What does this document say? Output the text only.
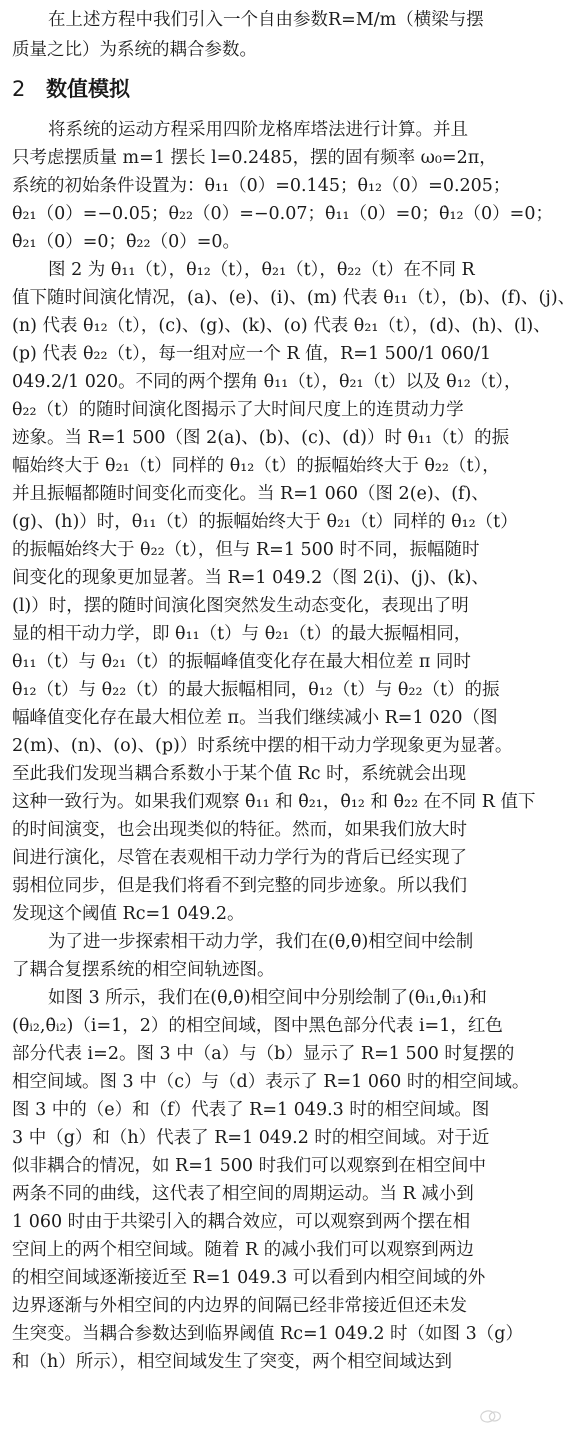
在上述方程中我们引入一个自由参数R=M/m（横梁与摆
质量之比）为系统的耦合参数。
2 数值模拟
将系统的运动方程采用四阶龙格库塔法进行计算。并且
只考虑摆质量 m=1 摆长 l=0.2485，摆的固有频率 ω₀=2π，
系统的初始条件设置为：θ₁₁（0）=0.145；θ₁₂（0）=0.205；
θ₂₁（0）=−0.05；θ₂₂（0）=−0.07；θ̇₁₁（0）=0；θ̇₁₂（0）=0；
θ̇₂₁（0）=0；θ̇₂₂（0）=0。
图 2 为 θ₁₁（t），θ₁₂（t），θ₂₁（t），θ₂₂（t）在不同 R
值下随时间演化情况，(a)、(e)、(i)、(m) 代表 θ₁₁（t），(b)、(f)、(j)、
(n) 代表 θ₁₂（t），(c)、(g)、(k)、(o) 代表 θ₂₁（t），(d)、(h)、(l)、
(p) 代表 θ₂₂（t），每一组对应一个 R 值，R=1 500/1 060/1
049.2/1 020。不同的两个摆角 θ₁₁（t），θ₂₁（t）以及 θ₁₂（t），
θ₂₂（t）的随时间演化图揭示了大时间尺度上的连贯动力学
迹象。当 R=1 500（图 2(a)、(b)、(c)、(d)）时 θ₁₁（t）的振
幅始终大于 θ₂₁（t）同样的 θ₁₂（t）的振幅始终大于 θ₂₂（t），
并且振幅都随时间变化而变化。当 R=1 060（图 2(e)、(f)、
(g)、(h)）时，θ₁₁（t）的振幅始终大于 θ₂₁（t）同样的 θ₁₂（t）
的振幅始终大于 θ₂₂（t），但与 R=1 500 时不同，振幅随时
间变化的现象更加显著。当 R=1 049.2（图 2(i)、(j)、(k)、
(l)）时，摆的随时间演化图突然发生动态变化，表现出了明
显的相干动力学，即 θ₁₁（t）与 θ₂₁（t）的最大振幅相同，
θ₁₁（t）与 θ₂₁（t）的振幅峰值变化存在最大相位差 π 同时
θ₁₂（t）与 θ₂₂（t）的最大振幅相同，θ₁₂（t）与 θ₂₂（t）的振
幅峰值变化存在最大相位差 π。当我们继续减小 R=1 020（图
2(m)、(n)、(o)、(p)）时系统中摆的相干动力学现象更为显著。
至此我们发现当耦合系数小于某个值 Rc 时，系统就会出现
这种一致行为。如果我们观察 θ̇₁₁ 和 θ̇₂₁，θ̇₁₂ 和 θ̇₂₂ 在不同 R 值下
的时间演变，也会出现类似的特征。然而，如果我们放大时
间进行演化，尽管在表观相干动力学行为的背后已经实现了
弱相位同步，但是我们将看不到完整的同步迹象。所以我们
发现这个阈值 Rc=1 049.2。
为了进一步探索相干动力学，我们在(θ,θ̇)相空间中绘制
了耦合复摆系统的相空间轨迹图。
如图 3 所示，我们在(θ,θ̇)相空间中分别绘制了(θᵢ₁,θ̇ᵢ₁)和
(θᵢ₂,θ̇ᵢ₂)（i=1，2）的相空间域，图中黑色部分代表 i=1，红色
部分代表 i=2。图 3 中（a）与（b）显示了 R=1 500 时复摆的
相空间域。图 3 中（c）与（d）表示了 R=1 060 时的相空间域。
图 3 中的（e）和（f）代表了 R=1 049.3 时的相空间域。图
3 中（g）和（h）代表了 R=1 049.2 时的相空间域。对于近
似非耦合的情况，如 R=1 500 时我们可以观察到在相空间中
两条不同的曲线，这代表了相空间的周期运动。当 R 减小到
1 060 时由于共梁引入的耦合效应，可以观察到两个摆在相
空间上的两个相空间域。随着 R 的减小我们可以观察到两边
的相空间域逐渐接近至 R=1 049.3 可以看到内相空间域的外
边界逐渐与外相空间的内边界的间隔已经非常接近但还未发
生突变。当耦合参数达到临界阈值 Rc=1 049.2 时（如图 3（g）
和（h）所示），相空间域发生了突变，两个相空间域达到
